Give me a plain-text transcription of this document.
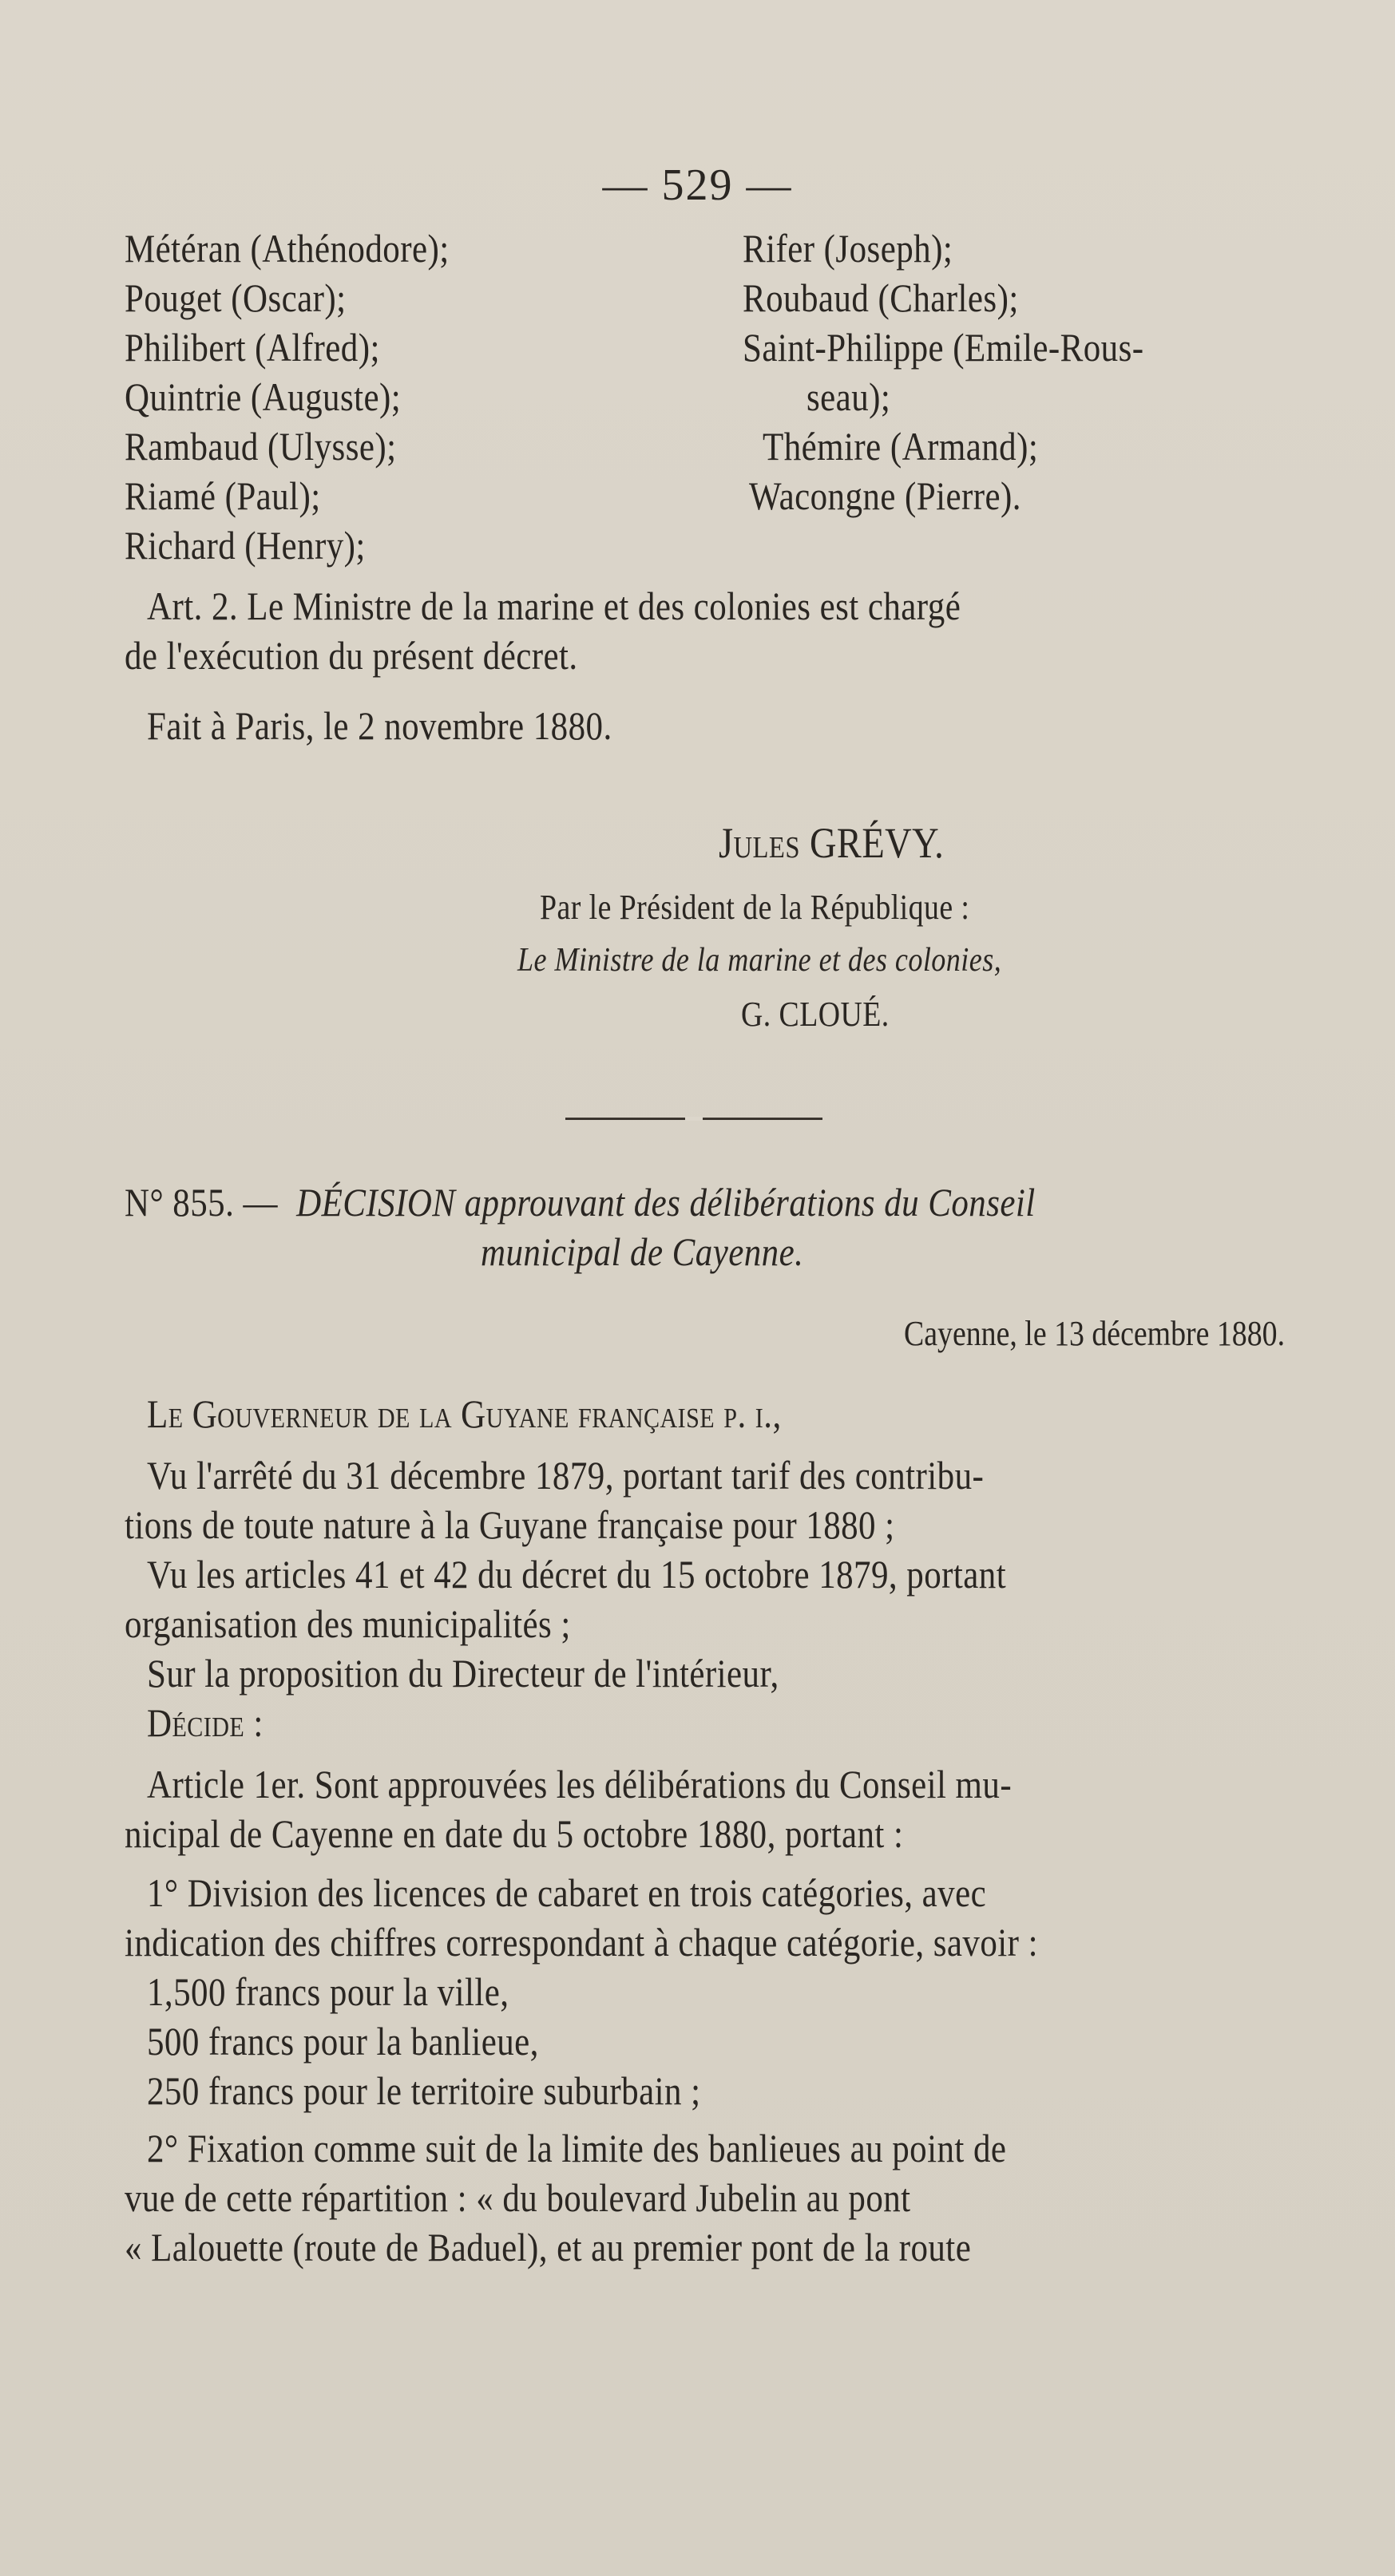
— 529 —
Météran (Athénodore);
Pouget (Oscar);
Philibert (Alfred);
Quintrie (Auguste);
Rambaud (Ulysse);
Riamé (Paul);
Richard (Henry);
Rifer (Joseph);
Roubaud (Charles);
Saint-Philippe (Emile-Rous-
seau);
Thémire (Armand);
Wacongne (Pierre).
Art. 2. Le Ministre de la marine et des colonies est chargé
de l'exécution du présent décret.
Fait à Paris, le 2 novembre 1880.
Jules GRÉVY.
Par le Président de la République :
Le Ministre de la marine et des colonies,
G. CLOUÉ.
N° 855. — DÉCISION approuvant des délibérations du Conseil
municipal de Cayenne.
Cayenne, le 13 décembre 1880.
Le Gouverneur de la Guyane française p. i.,
Vu l'arrêté du 31 décembre 1879, portant tarif des contribu-
tions de toute nature à la Guyane française pour 1880 ;
Vu les articles 41 et 42 du décret du 15 octobre 1879, portant
organisation des municipalités ;
Sur la proposition du Directeur de l'intérieur,
Décide :
Article 1er. Sont approuvées les délibérations du Conseil mu-
nicipal de Cayenne en date du 5 octobre 1880, portant :
1° Division des licences de cabaret en trois catégories, avec
indication des chiffres correspondant à chaque catégorie, savoir :
1,500 francs pour la ville,
500 francs pour la banlieue,
250 francs pour le territoire suburbain ;
2° Fixation comme suit de la limite des banlieues au point de
vue de cette répartition : « du boulevard Jubelin au pont
« Lalouette (route de Baduel), et au premier pont de la route
